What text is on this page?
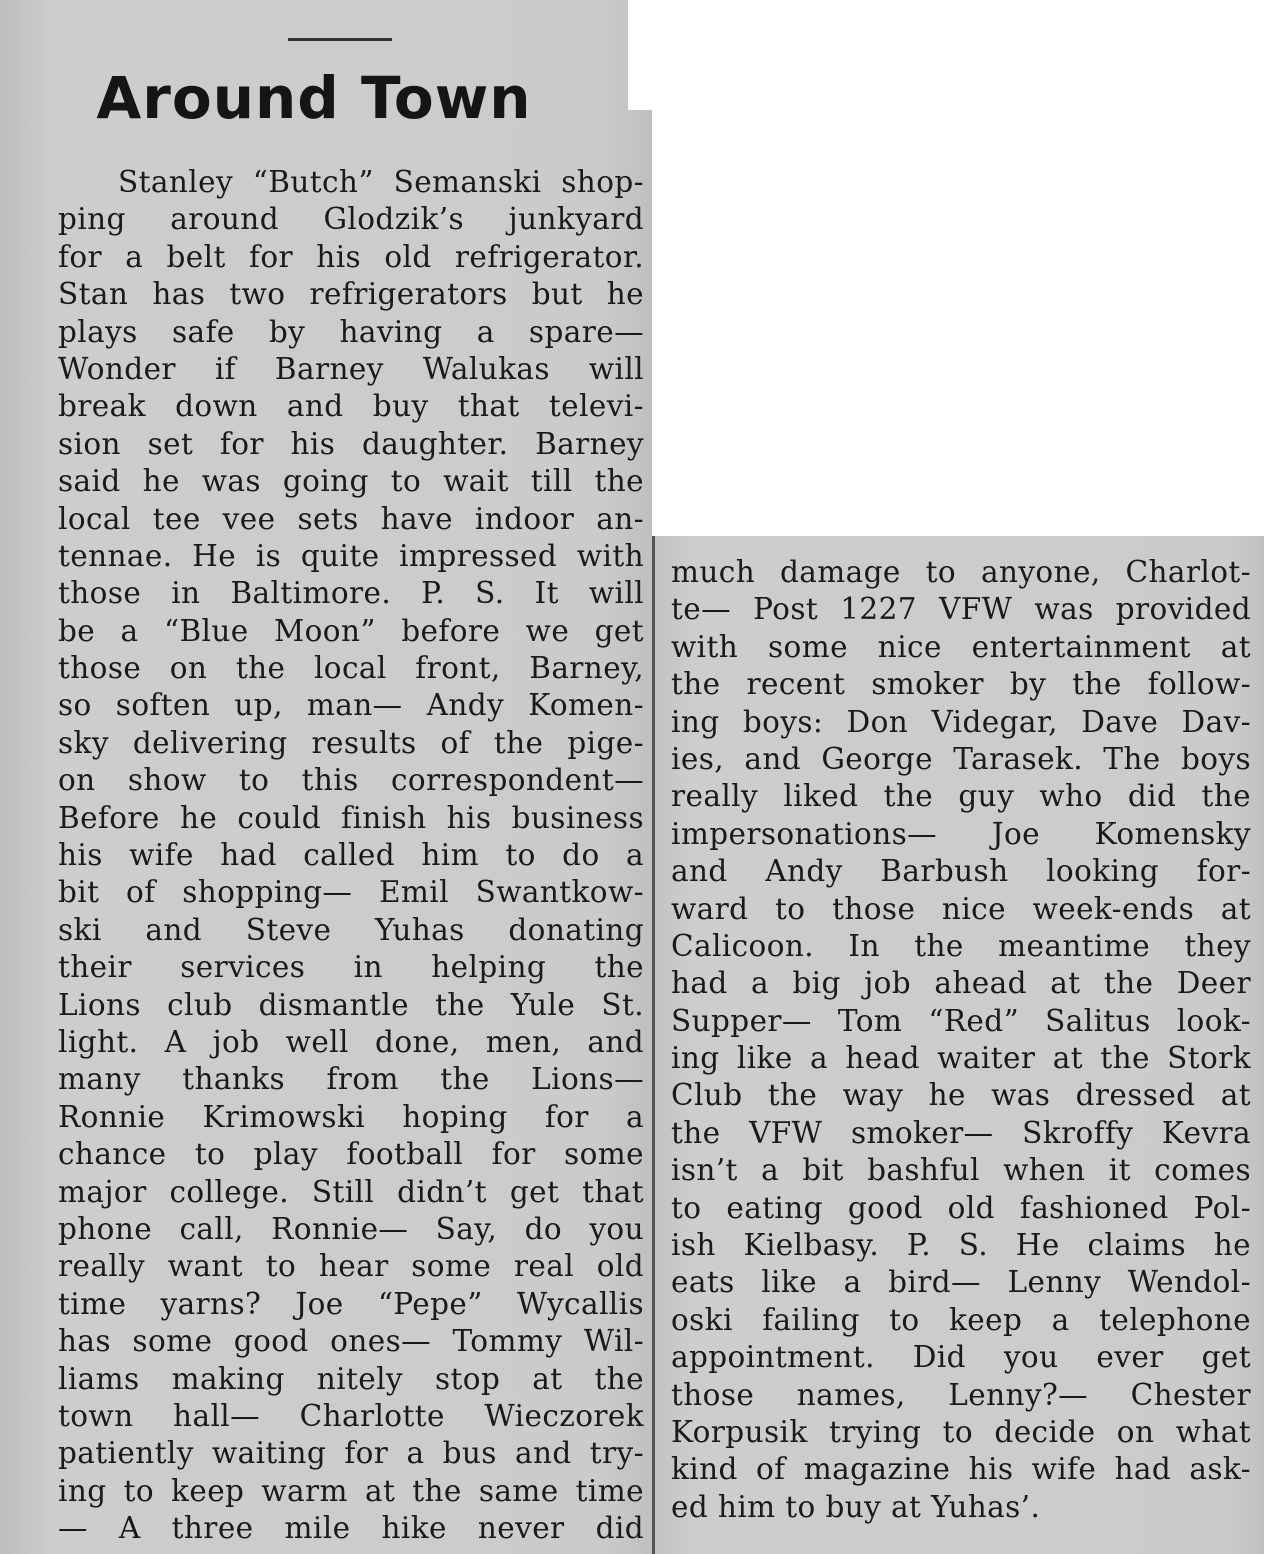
Around Town
Stanley “Butch” Semanski shop-
ping around Glodzik’s junkyard
for a belt for his old refrigerator.
Stan has two refrigerators but he
plays safe by having a spare—
Wonder if Barney Walukas will
break down and buy that televi-
sion set for his daughter. Barney
said he was going to wait till the
local tee vee sets have indoor an-
tennae. He is quite impressed with
those in Baltimore. P. S. It will
be a “Blue Moon” before we get
those on the local front, Barney,
so soften up, man— Andy Komen-
sky delivering results of the pige-
on show to this correspondent—
Before he could finish his business
his wife had called him to do a
bit of shopping— Emil Swantkow-
ski and Steve Yuhas donating
their services in helping the
Lions club dismantle the Yule St.
light. A job well done, men, and
many thanks from the Lions—
Ronnie Krimowski hoping for a
chance to play football for some
major college. Still didn’t get that
phone call, Ronnie— Say, do you
really want to hear some real old
time yarns? Joe “Pepe” Wycallis
has some good ones— Tommy Wil-
liams making nitely stop at the
town hall— Charlotte Wieczorek
patiently waiting for a bus and try-
ing to keep warm at the same time
— A three mile hike never did
much damage to anyone, Charlot-
te— Post 1227 VFW was provided
with some nice entertainment at
the recent smoker by the follow-
ing boys: Don Videgar, Dave Dav-
ies, and George Tarasek. The boys
really liked the guy who did the
impersonations— Joe Komensky
and Andy Barbush looking for-
ward to those nice week-ends at
Calicoon. In the meantime they
had a big job ahead at the Deer
Supper— Tom “Red” Salitus look-
ing like a head waiter at the Stork
Club the way he was dressed at
the VFW smoker— Skroffy Kevra
isn’t a bit bashful when it comes
to eating good old fashioned Pol-
ish Kielbasy. P. S. He claims he
eats like a bird— Lenny Wendol-
oski failing to keep a telephone
appointment. Did you ever get
those names, Lenny?— Chester
Korpusik trying to decide on what
kind of magazine his wife had ask-
ed him to buy at Yuhas’.
